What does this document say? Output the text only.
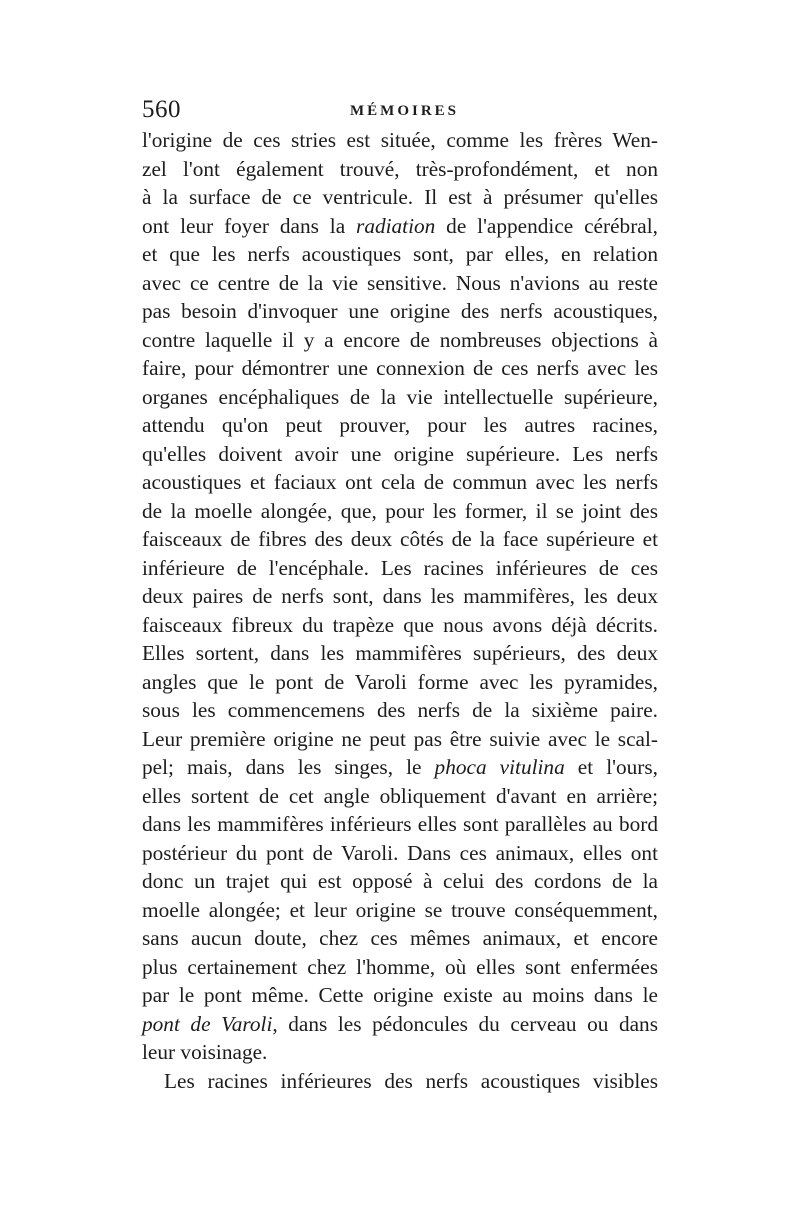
560	MÉMOIRES
l'origine de ces stries est située, comme les frères Wen-
zel l'ont également trouvé, très-profondément, et non
à la surface de ce ventricule. Il est à présumer qu'elles
ont leur foyer dans la radiation de l'appendice cérébral,
et que les nerfs acoustiques sont, par elles, en relation
avec ce centre de la vie sensitive. Nous n'avions au reste
pas besoin d'invoquer une origine des nerfs acoustiques,
contre laquelle il y a encore de nombreuses objections à
faire, pour démontrer une connexion de ces nerfs avec les
organes encéphaliques de la vie intellectuelle supérieure,
attendu qu'on peut prouver, pour les autres racines,
qu'elles doivent avoir une origine supérieure. Les nerfs
acoustiques et faciaux ont cela de commun avec les nerfs
de la moelle alongée, que, pour les former, il se joint des
faisceaux de fibres des deux côtés de la face supérieure et
inférieure de l'encéphale. Les racines inférieures de ces
deux paires de nerfs sont, dans les mammifères, les deux
faisceaux fibreux du trapèze que nous avons déjà décrits.
Elles sortent, dans les mammifères supérieurs, des deux
angles que le pont de Varoli forme avec les pyramides,
sous les commencemens des nerfs de la sixième paire.
Leur première origine ne peut pas être suivie avec le scal-
pel; mais, dans les singes, le phoca vitulina et l'ours,
elles sortent de cet angle obliquement d'avant en arrière;
dans les mammifères inférieurs elles sont parallèles au bord
postérieur du pont de Varoli. Dans ces animaux, elles ont
donc un trajet qui est opposé à celui des cordons de la
moelle alongée; et leur origine se trouve conséquemment,
sans aucun doute, chez ces mêmes animaux, et encore
plus certainement chez l'homme, où elles sont enfermées
par le pont même. Cette origine existe au moins dans le
pont de Varoli, dans les pédoncules du cerveau ou dans
leur voisinage.
Les racines inférieures des nerfs acoustiques visibles
